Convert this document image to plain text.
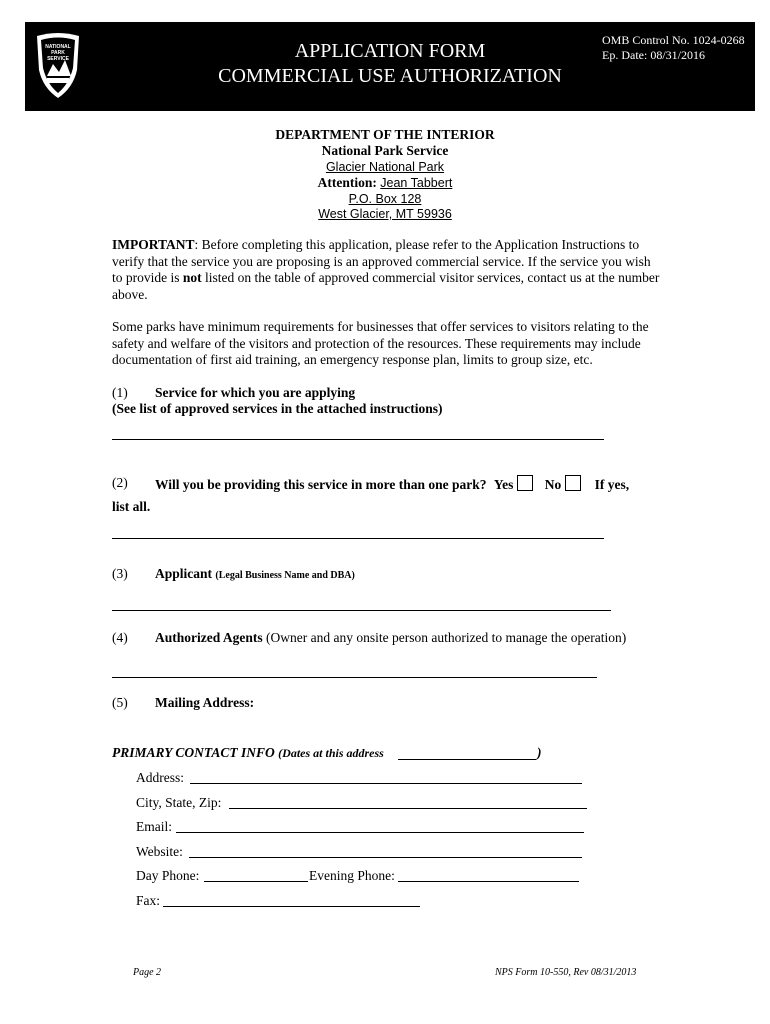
NATIONAL
PARK
SERVICE	APPLICATION FORM
COMMERCIAL USE AUTHORIZATION
OMB Control No. 1024-0268
Ep. Date: 08/31/2016
DEPARTMENT OF THE INTERIOR
National Park Service
Glacier National Park
Attention: Jean Tabbert
P.O. Box 128
West Glacier, MT 59936
IMPORTANT: Before completing this application, please refer to the Application Instructions to verify that the service you are proposing is an approved commercial service. If the service you wish to provide is not listed on the table of approved commercial visitor services, contact us at the number above.
Some parks have minimum requirements for businesses that offer services to visitors relating to the safety and welfare of the visitors and protection of the resources. These requirements may include documentation of first aid training, an emergency response plan, limits to group size, etc.
(1) Service for which you are applying
(See list of approved services in the attached instructions)
(2) Will you be providing this service in more than one park? Yes No If yes,
list all.
(3) Applicant (Legal Business Name and DBA)
(4) Authorized Agents (Owner and any onsite person authorized to manage the operation)
(5) Mailing Address:
PRIMARY CONTACT INFO (Dates at this address	)
Address:
City, State, Zip:
Email:
Website:
Day Phone:	Evening Phone:
Fax:
Page 2	NPS Form 10-550, Rev 08/31/2013
